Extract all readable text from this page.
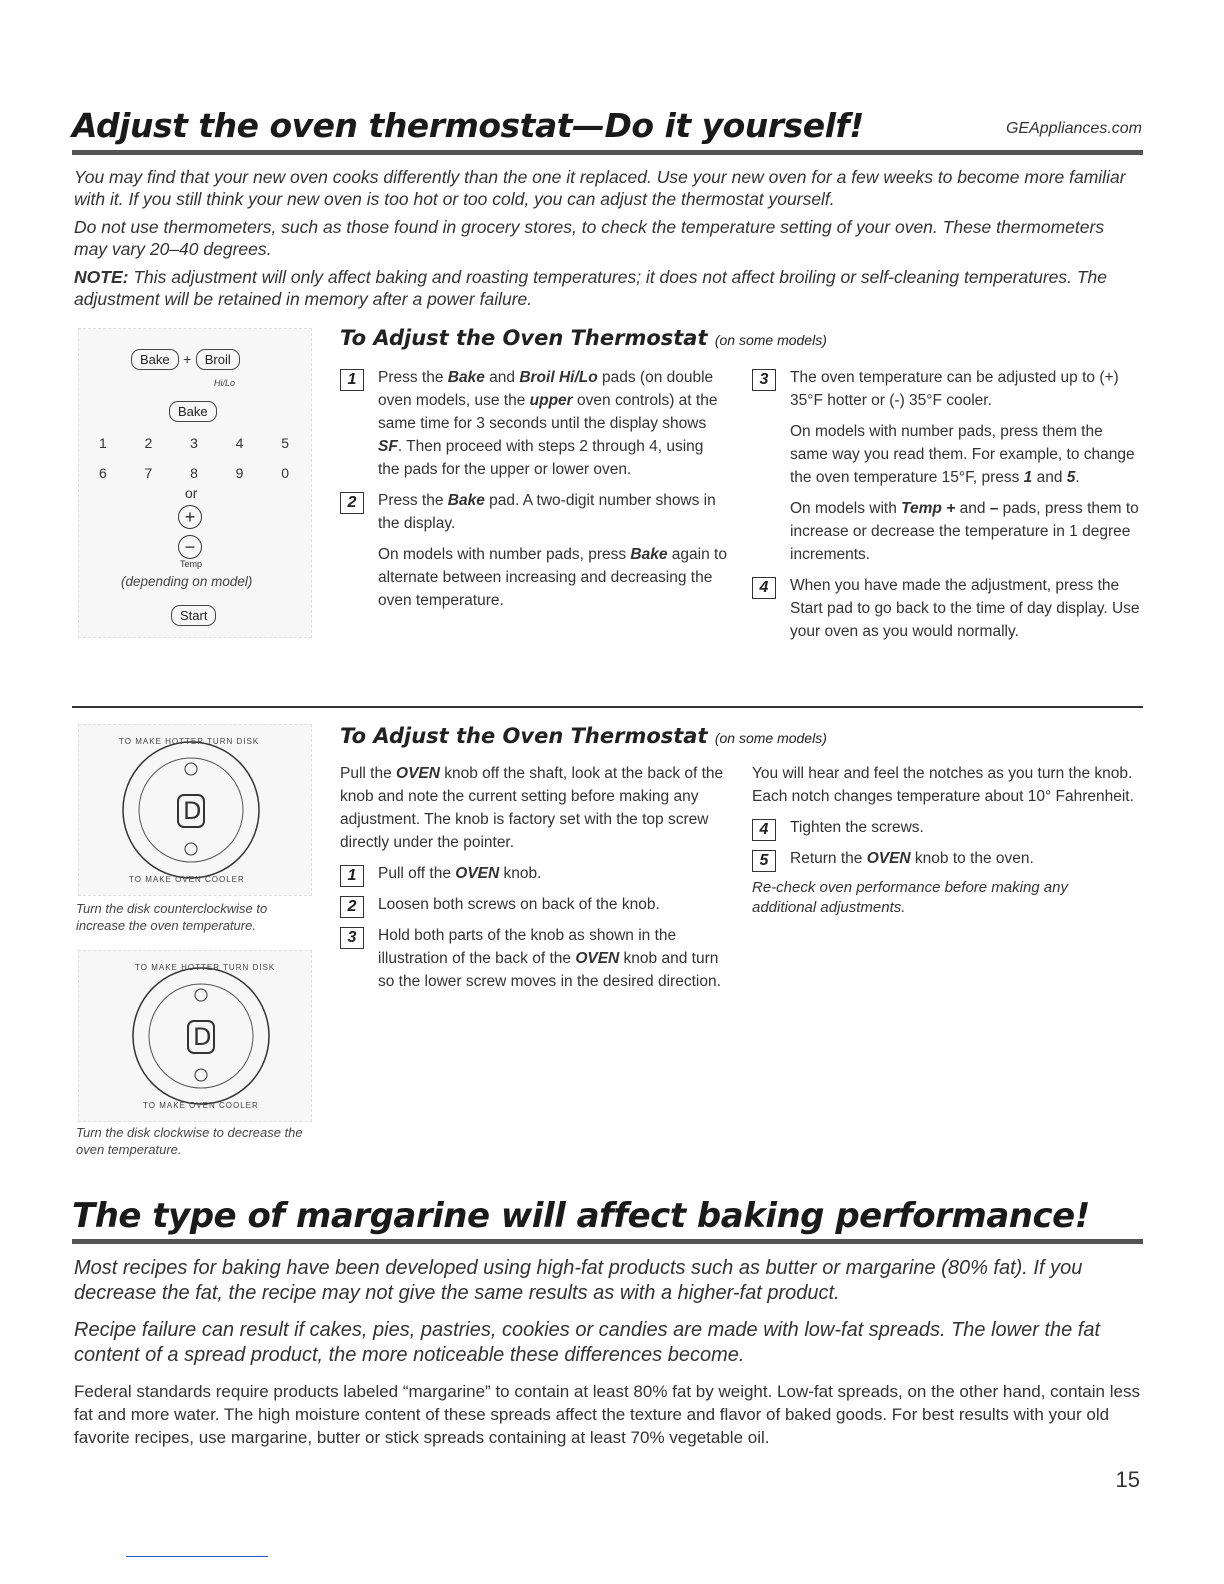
Adjust the oven thermostat—Do it yourself!	GEAppliances.com

You may find that your new oven cooks differently than the one it replaced. Use your new oven for a few weeks to become more familiar with it. If you still think your new oven is too hot or too cold, you can adjust the thermostat yourself.

Do not use thermometers, such as those found in grocery stores, to check the temperature setting of your oven. These thermometers may vary 20–40 degrees.

NOTE: This adjustment will only affect baking and roasting temperatures; it does not affect broiling or self-cleaning temperatures. The adjustment will be retained in memory after a power failure.

Bake + Broil
Hi/Lo
Bake
1	2	3	4	5
6	7	8	9	0
or
+
−
Temp
(depending on model)
Start
To Adjust the Oven Thermostat (on some models)
1	Press the Bake and Broil Hi/Lo pads (on double oven models, use the upper oven controls) at the same time for 3 seconds until the display shows SF. Then proceed with steps 2 through 4, using the pads for the upper or lower oven.

2	Press the Bake pad. A two-digit number shows in the display.

On models with number pads, press Bake again to alternate between increasing and decreasing the oven temperature.

3	The oven temperature can be adjusted up to (+) 35°F hotter or (-) 35°F cooler.

On models with number pads, press them the same way you read them. For example, to change the oven temperature 15°F, press 1 and 5.

On models with Temp + and – pads, press them to increase or decrease the temperature in 1 degree increments.

4	When you have made the adjustment, press the Start pad to go back to the time of day display. Use your oven as you would normally.

D
TO MAKE HOTTER TURN DISK
TO MAKE OVEN COOLER
Turn the disk counterclockwise to increase the oven temperature.
D
TO MAKE HOTTER TURN DISK
TO MAKE OVEN COOLER
Turn the disk clockwise to decrease the oven temperature.
To Adjust the Oven Thermostat (on some models)

Pull the OVEN knob off the shaft, look at the back of the knob and note the current setting before making any adjustment. The knob is factory set with the top screw directly under the pointer.

1	Pull off the OVEN knob.

2	Loosen both screws on back of the knob.

3	Hold both parts of the knob as shown in the illustration of the back of the OVEN knob and turn so the lower screw moves in the desired direction.

You will hear and feel the notches as you turn the knob. Each notch changes temperature about 10° Fahrenheit.

4	Tighten the screws.

5	Return the OVEN knob to the oven.

Re-check oven performance before making any additional adjustments.

The type of margarine will affect baking performance!

Most recipes for baking have been developed using high-fat products such as butter or margarine (80% fat). If you decrease the fat, the recipe may not give the same results as with a higher-fat product.

Recipe failure can result if cakes, pies, pastries, cookies or candies are made with low-fat spreads. The lower the fat content of a spread product, the more noticeable these differences become.

Federal standards require products labeled “margarine” to contain at least 80% fat by weight. Low-fat spreads, on the other hand, contain less fat and more water. The high moisture content of these spreads affect the texture and flavor of baked goods. For best results with your old favorite recipes, use margarine, butter or stick spreads containing at least 70% vegetable oil.

15
